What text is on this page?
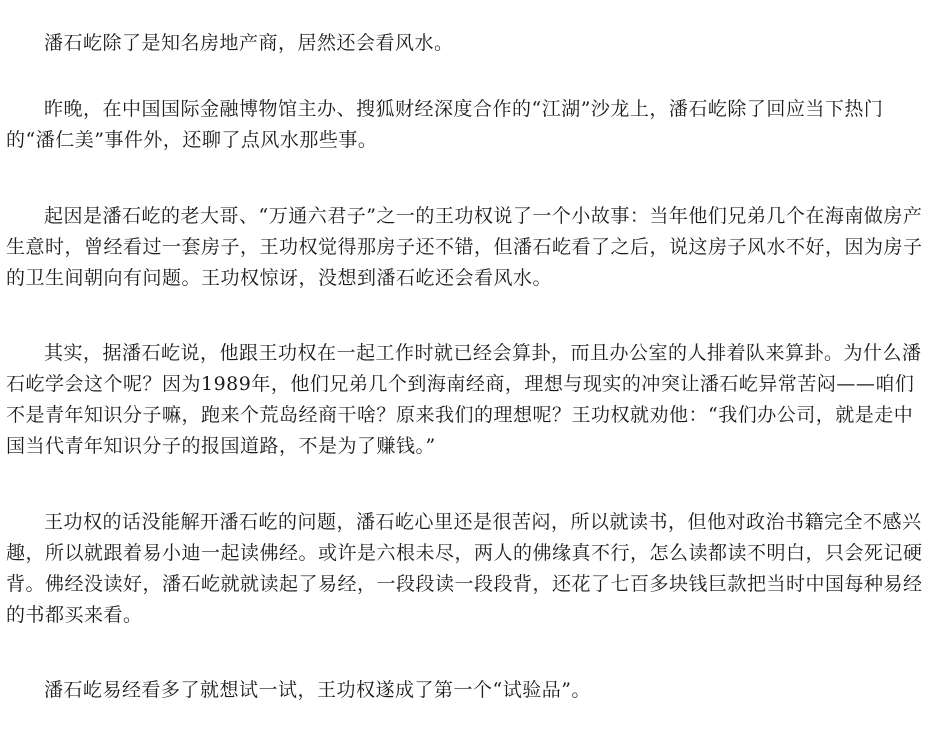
潘石屹除了是知名房地产商，居然还会看风水。

昨晚，在中国国际金融博物馆主办、搜狐财经深度合作的“江湖”沙龙上，潘石屹除了回应当下热门的“潘仁美”事件外，还聊了点风水那些事。

起因是潘石屹的老大哥、“万通六君子”之一的王功权说了一个小故事：当年他们兄弟几个在海南做房产生意时，曾经看过一套房子，王功权觉得那房子还不错，但潘石屹看了之后，说这房子风水不好，因为房子的卫生间朝向有问题。王功权惊讶，没想到潘石屹还会看风水。

其实，据潘石屹说，他跟王功权在一起工作时就已经会算卦，而且办公室的人排着队来算卦。为什么潘石屹学会这个呢？因为1989年，他们兄弟几个到海南经商，理想与现实的冲突让潘石屹异常苦闷——咱们不是青年知识分子嘛，跑来个荒岛经商干啥？原来我们的理想呢？王功权就劝他：“我们办公司，就是走中国当代青年知识分子的报国道路，不是为了赚钱。”

王功权的话没能解开潘石屹的问题，潘石屹心里还是很苦闷，所以就读书，但他对政治书籍完全不感兴趣，所以就跟着易小迪一起读佛经。或许是六根未尽，两人的佛缘真不行，怎么读都读不明白，只会死记硬背。佛经没读好，潘石屹就就读起了易经，一段段读一段段背，还花了七百多块钱巨款把当时中国每种易经的书都买来看。

潘石屹易经看多了就想试一试，王功权遂成了第一个“试验品”。
